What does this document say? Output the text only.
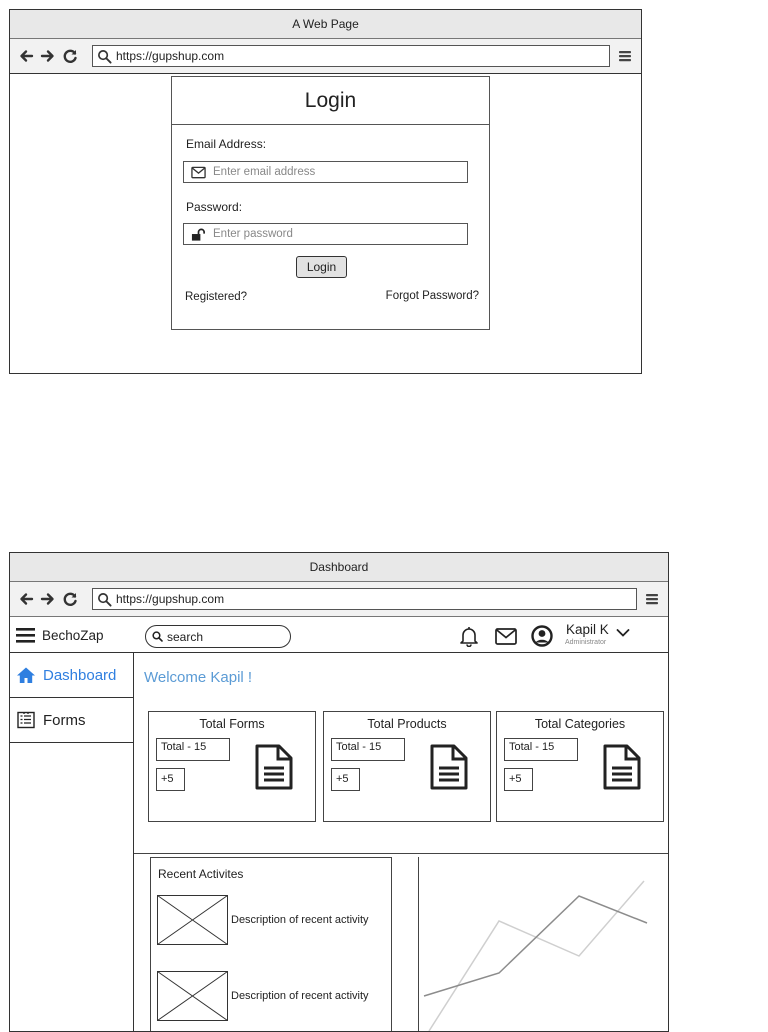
A Web Page
https://gupshup.com
Login
Email Address:
Enter email address
Password:
Enter password
Login
Registered?	Forgot Password?
Dashboard
https://gupshup.com
BechoZap	search	Kapil K
Administrator
Dashboard
Forms
Welcome Kapil !
Total Forms
Total - 15
+5
Total Products
Total - 15
+5
Total Categories
Total - 15
+5
Recent Activites
Description of recent activity
Description of recent activity
